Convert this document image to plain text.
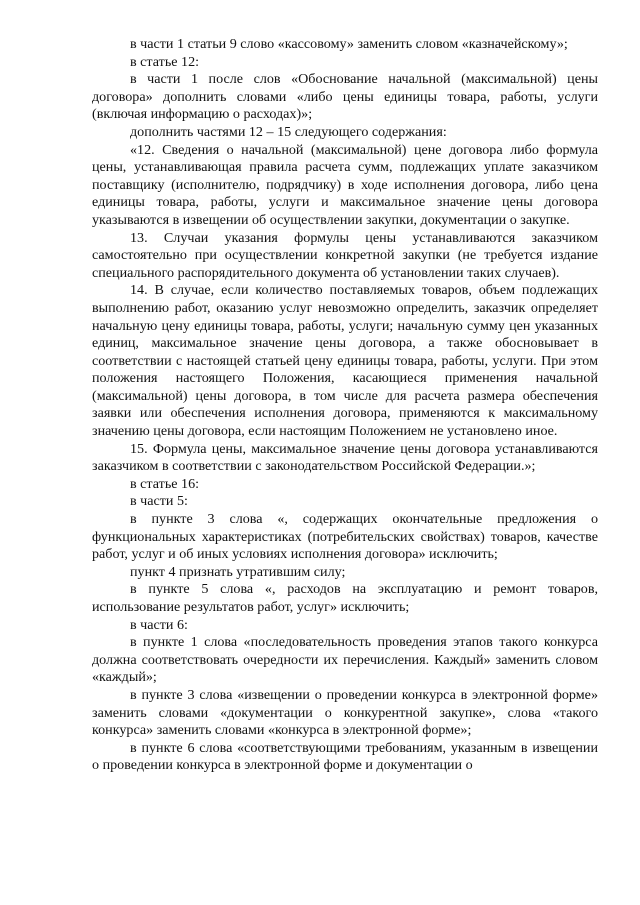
в части 1 статьи 9 слово «кассовому» заменить словом «казначейскому»;

в статье 12:

в части 1 после слов «Обоснование начальной (максимальной) цены договора» дополнить словами «либо цены единицы товара, работы, услуги (включая информацию о расходах)»;

дополнить частями 12 – 15 следующего содержания:

«12. Сведения о начальной (максимальной) цене договора либо формула цены, устанавливающая правила расчета сумм, подлежащих уплате заказчиком поставщику (исполнителю, подрядчику) в ходе исполнения договора, либо цена единицы товара, работы, услуги и максимальное значение цены договора указываются в извещении об осуществлении закупки, документации о закупке.

13. Случаи указания формулы цены устанавливаются заказчиком самостоятельно при осуществлении конкретной закупки (не требуется издание специального распорядительного документа об установлении таких случаев).

14. В случае, если количество поставляемых товаров, объем подлежащих выполнению работ, оказанию услуг невозможно определить, заказчик определяет начальную цену единицы товара, работы, услуги; начальную сумму цен указанных единиц, максимальное значение цены договора, а также обосновывает в соответствии с настоящей статьей цену единицы товара, работы, услуги. При этом положения настоящего Положения, касающиеся применения начальной (максимальной) цены договора, в том числе для расчета размера обеспечения заявки или обеспечения исполнения договора, применяются к максимальному значению цены договора, если настоящим Положением не установлено иное.

15. Формула цены, максимальное значение цены договора устанавливаются заказчиком в соответствии с законодательством Российской Федерации.»;

в статье 16:

в части 5:

в пункте 3 слова «, содержащих окончательные предложения о функциональных характеристиках (потребительских свойствах) товаров, качестве работ, услуг и об иных условиях исполнения договора» исключить;

пункт 4 признать утратившим силу;

в пункте 5 слова «, расходов на эксплуатацию и ремонт товаров, использование результатов работ, услуг» исключить;

в части 6:

в пункте 1 слова «последовательность проведения этапов такого конкурса должна соответствовать очередности их перечисления. Каждый» заменить словом «каждый»;

в пункте 3 слова «извещении о проведении конкурса в электронной форме» заменить словами «документации о конкурентной закупке», слова «такого конкурса» заменить словами «конкурса в электронной форме»;

в пункте 6 слова «соответствующими требованиям, указанным в извещении о проведении конкурса в электронной форме и документации о
